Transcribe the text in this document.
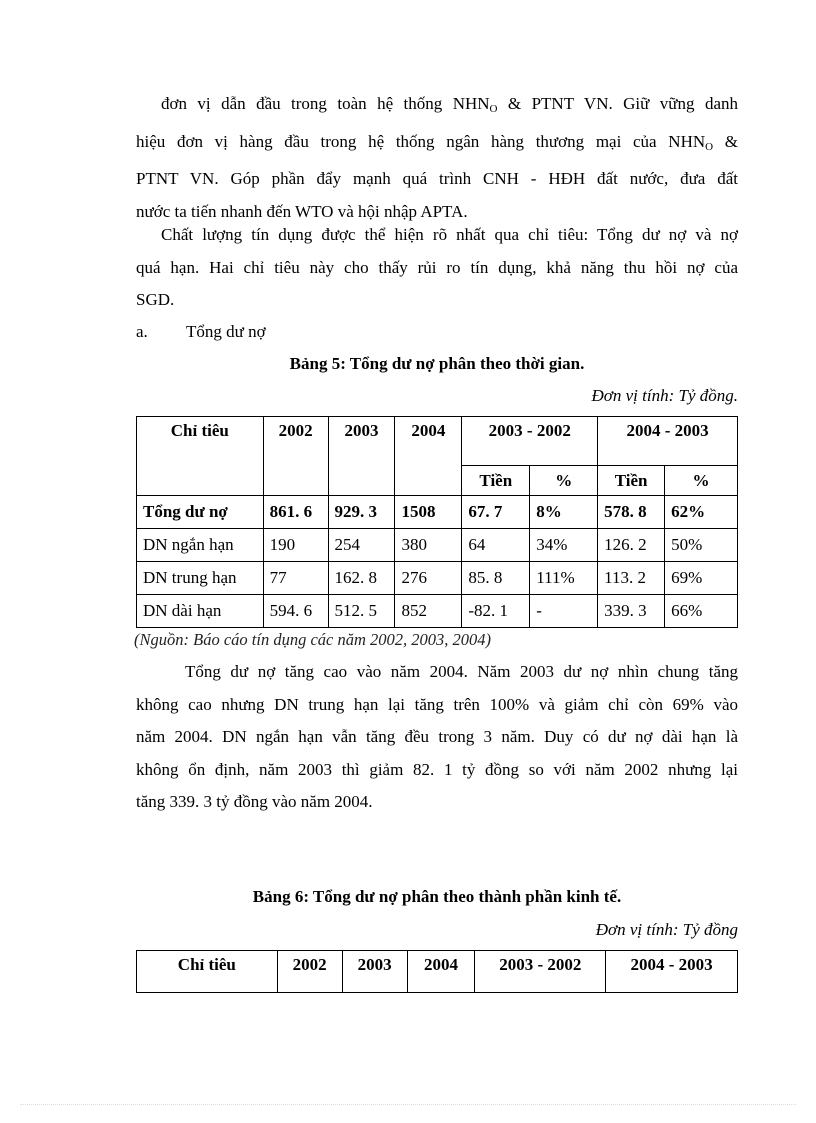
đơn vị dẫn đầu trong toàn hệ thống $NHN_O$ & PTNT VN. Giữ vững danh
hiệu đơn vị hàng đầu trong hệ thống ngân hàng thương mại của $NHN_O$ &
PTNT VN. Góp phần đẩy mạnh quá trình CNH - HĐH đất nước, đưa đất
nước ta tiến nhanh đến WTO và hội nhập APTA.
Chất lượng tín dụng được thể hiện rõ nhất qua chỉ tiêu: Tổng dư nợ và nợ
quá hạn. Hai chỉ tiêu này cho thấy rủi ro tín dụng, khả năng thu hồi nợ của
SGD.
a. Tổng dư nợ
Bảng 5: Tổng dư nợ phân theo thời gian.
Đơn vị tính: Tỷ đồng.
Chỉ tiêu	2002	2003	2004	2003 - 2002		2004 - 2003	
				Tiền	%	Tiền	%
Tổng dư nợ	861. 6	929. 3	1508	67. 7	8%	578. 8	62%
DN ngắn hạn	190	254	380	64	34%	126. 2	50%
DN trung hạn	77	162. 8	276	85. 8	111%	113. 2	69%
DN dài hạn	594. 6	512. 5	852	-82. 1	-	339. 3	66%
(Nguồn: Báo cáo tín dụng các năm 2002, 2003, 2004)
Tổng dư nợ tăng cao vào năm 2004. Năm 2003 dư nợ nhìn chung tăng
không cao nhưng DN trung hạn lại tăng trên 100% và giảm chỉ còn 69% vào
năm 2004. DN ngắn hạn vẫn tăng đều trong 3 năm. Duy có dư nợ dài hạn là
không ổn định, năm 2003 thì giảm 82. 1 tỷ đồng so với năm 2002 nhưng lại
tăng 339. 3 tỷ đồng vào năm 2004.
Bảng 6: Tổng dư nợ phân theo thành phần kinh tế.
Đơn vị tính: Tỷ đồng
Chỉ tiêu	2002	2003	2004	2003 - 2002	2004 - 2003
